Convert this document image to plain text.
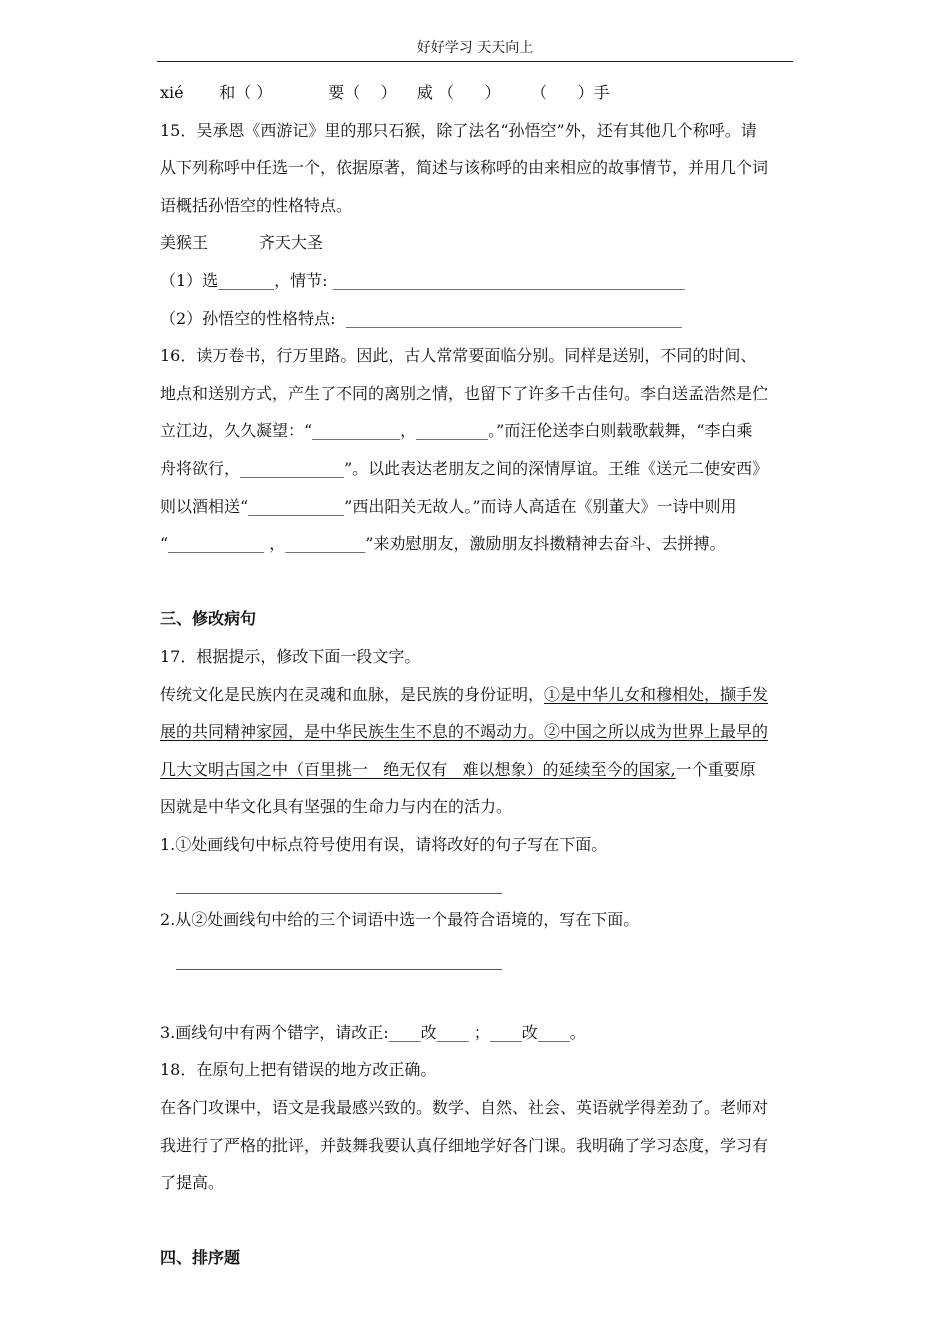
好好学习 天天向上

xié       和（ ）           要（    ）    威 （      ）      （      ）手

15．吴承恩《西游记》里的那只石猴，除了法名“孙悟空”外，还有其他几个称呼。请

从下列称呼中任选一个，依据原著，简述与该称呼的由来相应的故事情节，并用几个词

语概括孙悟空的性格特点。

美猴王          齐天大圣

（1）选_______，情节: ____________________________________________

（2）孙悟空的性格特点:  __________________________________________

16．读万卷书，行万里路。因此，古人常常要面临分别。同样是送别，不同的时间、

地点和送别方式，产生了不同的离别之情，也留下了许多千古佳句。李白送孟浩然是伫

立江边，久久凝望：“___________，_________。”而汪伦送李白则载歌载舞，“李白乘

舟将欲行，_____________”。以此表达老朋友之间的深情厚谊。王维《送元二使安西》

则以酒相送“____________”西出阳关无故人。”而诗人高适在《别董大》一诗中则用

“____________ ，__________”来劝慰朋友，激励朋友抖擞精神去奋斗、去拼搏。

三、修改病句

17．根据提示，修改下面一段文字。

传统文化是民族内在灵魂和血脉，是民族的身份证明，①是中华儿女和穆相处，撷手发

展的共同精神家园，是中华民族生生不息的不竭动力。②中国之所以成为世界上最早的

几大文明古国之中（百里挑一   绝无仅有   难以想象）的延续至今的国家,一个重要原

因就是中华文化具有坚强的生命力与内在的活力。

1.①处画线句中标点符号使用有误，请将改好的句子写在下面。

2.从②处画线句中给的三个词语中选一个最符合语境的，写在下面。

3.画线句中有两个错字，请改正:____改____ ；____改____。

18．在原句上把有错误的地方改正确。

在各门攻课中，语文是我最感兴致的。数学、自然、社会、英语就学得差劲了。老师对

我进行了严格的批评，并鼓舞我要认真仔细地学好各门课。我明确了学习态度，学习有

了提高。

四、排序题
